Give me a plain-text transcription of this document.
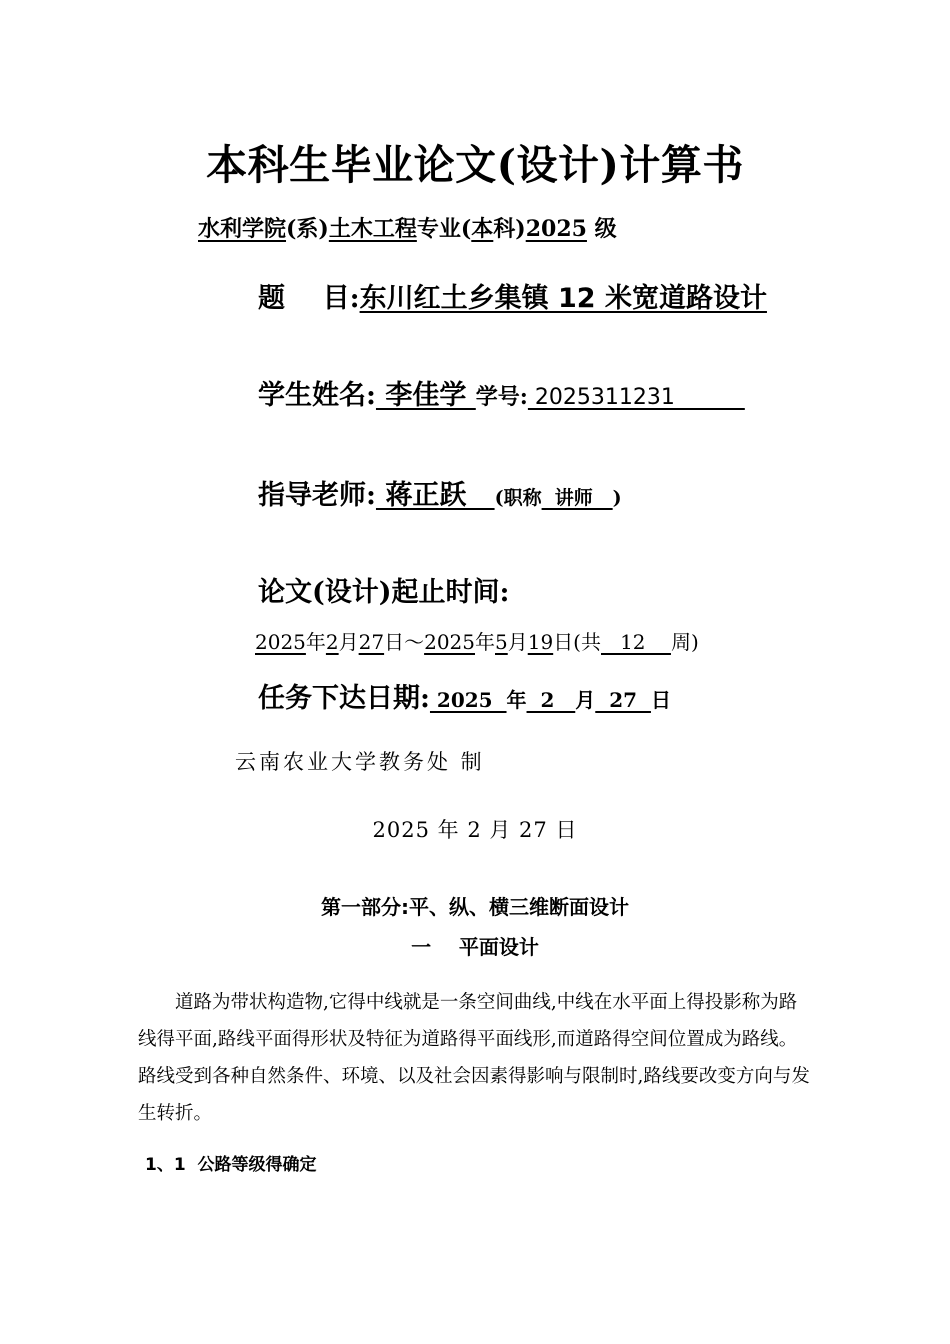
本科生毕业论文(设计)计算书
水利学院(系)土木工程专业(本科)2025 级
题    目:东川红土乡集镇 12 米宽道路设计
学生姓名: 李佳学 学号: 2025311231
指导老师: 蒋正跃   (职称  讲师   )
论文(设计)起止时间:
2025年2月27日～2025年5月19日(共   12    周)
任务下达日期: 2025  年  2   月  27  日
云南农业大学教务处 制
2025 年 2 月 27 日
第一部分:平、纵、横三维断面设计
一    平面设计
道路为带状构造物,它得中线就是一条空间曲线,中线在水平面上得投影称为路线得平面,路线平面得形状及特征为道路得平面线形,而道路得空间位置成为路线。路线受到各种自然条件、环境、以及社会因素得影响与限制时,路线要改变方向与发生转折。
1、1  公路等级得确定
